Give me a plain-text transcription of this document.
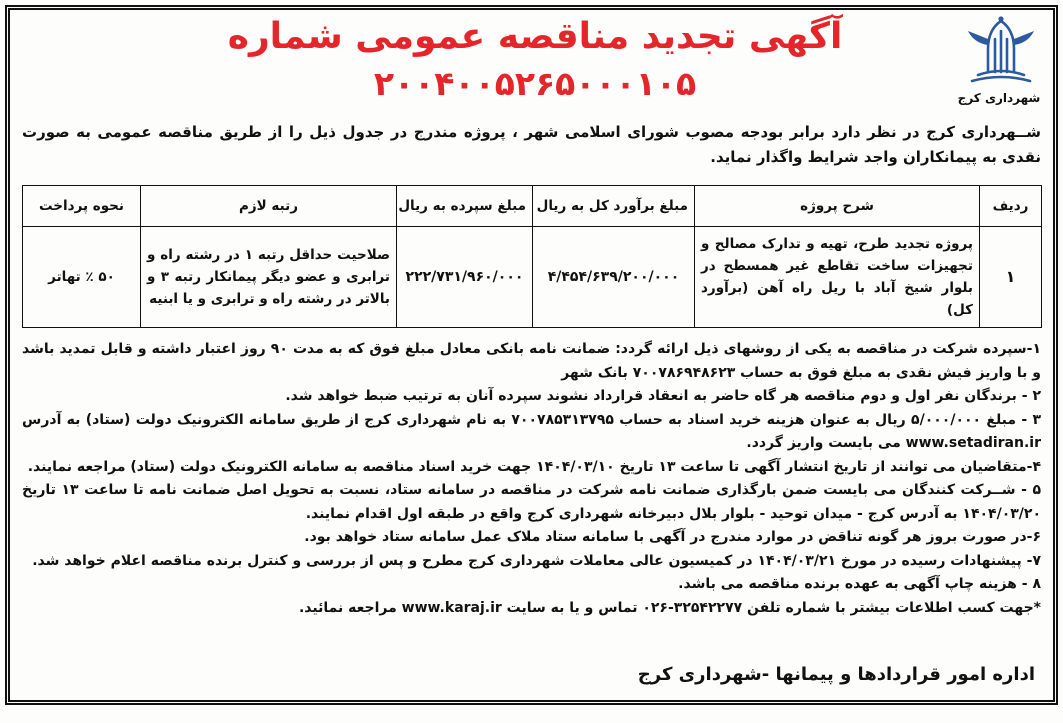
آگهی تجدید مناقصه عمومی شماره
۲۰۰۴۰۰۵۲۶۵۰۰۰۱۰۵	شهرداری کرج

شــهرداری کرج در نظر دارد برابر بودجه مصوب شورای اسلامی شهر ، پروژه مندرج در جدول ذیل را از طریق مناقصه عمومی به صورت نقدی به پیمانکاران واجد شرایط واگذار نماید.

ردیف	شرح پروژه	مبلغ برآورد کل به ریال	مبلغ سپرده به ریال	رتبه لازم	نحوه پرداخت
۱	پروژه تجدید طرح، تهیه و تدارک مصالح و تجهیزات ساخت تقاطع غیر همسطح در بلوار شیخ آباد با ریل راه آهن (برآورد کل)	۴/۴۵۴/۶۳۹/۲۰۰/۰۰۰	۲۲۲/۷۳۱/۹۶۰/۰۰۰	صلاحیت حداقل رتبه ۱ در رشته راه و ترابری و عضو دیگر پیمانکار رتبه ۳ و بالاتر در رشته راه و ترابری و یا ابنیه	۵۰ ٪ تهاتر

۱-سپرده شرکت در مناقصه به یکی از روشهای ذیل ارائه گردد: ضمانت نامه بانکی معادل مبلغ فوق که به مدت ۹۰ روز اعتبار داشته و قابل تمدید باشد و با واریز فیش نقدی به مبلغ فوق به حساب ۷۰۰۷۸۶۹۴۸۶۲۳ بانک شهر

۲ - برندگان نفر اول و دوم مناقصه هر گاه حاضر به انعقاد قرارداد نشوند سپرده آنان به ترتیب ضبط خواهد شد.

۳ - مبلغ ۵/۰۰۰/۰۰۰ ریال به عنوان هزینه خرید اسناد به حساب ۷۰۰۷۸۵۳۱۳۷۹۵ به نام شهرداری کرج از طریق سامانه الکترونیک دولت (ستاد) به آدرس www.setadiran.ir می بایست واریز گردد.

۴-متقاضیان می توانند از تاریخ انتشار آگهی تا ساعت ۱۳ تاریخ ۱۴۰۴/۰۳/۱۰ جهت خرید اسناد مناقصه به سامانه الکترونیک دولت (ستاد) مراجعه نمایند.

۵ - شــرکت کنندگان می بایست ضمن بارگذاری ضمانت نامه شرکت در مناقصه در سامانه ستاد، نسبت به تحویل اصل ضمانت نامه تا ساعت ۱۳ تاریخ ۱۴۰۴/۰۳/۲۰ به آدرس کرج - میدان توحید - بلوار بلال دبیرخانه شهرداری کرج واقع در طبقه اول اقدام نمایند.

۶-در صورت بروز هر گونه تناقض در موارد مندرج در آگهی با سامانه ستاد ملاک عمل سامانه ستاد خواهد بود.

۷- پیشنهادات رسیده در مورخ ۱۴۰۴/۰۳/۲۱ در کمیسیون عالی معاملات شهرداری کرج مطرح و پس از بررسی و کنترل برنده مناقصه اعلام خواهد شد.

۸ - هزینه چاپ آگهی به عهده برنده مناقصه می باشد.

*جهت کسب اطلاعات بیشتر با شماره تلفن ۳۲۵۴۲۲۷۷-۰۲۶ تماس و یا به سایت www.karaj.ir مراجعه نمائید.

اداره امور قراردادها و پیمانها -شهرداری کرج
